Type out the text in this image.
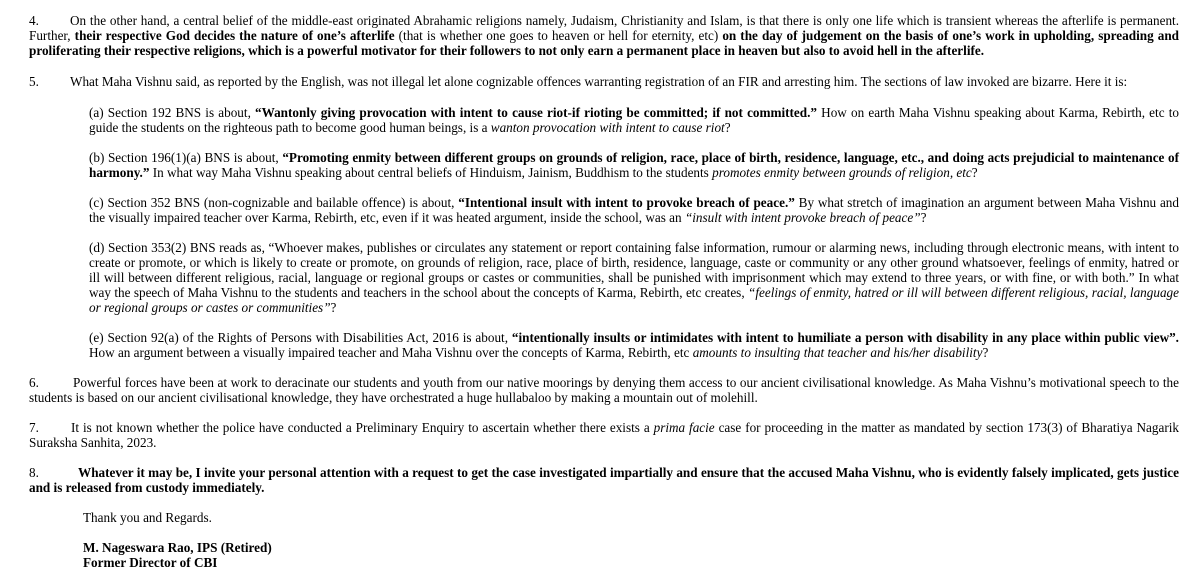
4. On the other hand, a central belief of the middle-east originated Abrahamic religions namely, Judaism, Christianity and Islam, is that there is only one life which is transient whereas the afterlife is permanent. Further, their respective God decides the nature of one’s afterlife (that is whether one goes to heaven or hell for eternity, etc) on the day of judgement on the basis of one’s work in upholding, spreading and proliferating their respective religions, which is a powerful motivator for their followers to not only earn a permanent place in heaven but also to avoid hell in the afterlife.

5. What Maha Vishnu said, as reported by the English, was not illegal let alone cognizable offences warranting registration of an FIR and arresting him. The sections of law invoked are bizarre. Here it is:

(a) Section 192 BNS is about, “Wantonly giving provocation with intent to cause riot-if rioting be committed; if not committed.” How on earth Maha Vishnu speaking about Karma, Rebirth, etc to guide the students on the righteous path to become good human beings, is a wanton provocation with intent to cause riot?

(b) Section 196(1)(a) BNS is about, “Promoting enmity between different groups on grounds of religion, race, place of birth, residence, language, etc., and doing acts prejudicial to maintenance of harmony.” In what way Maha Vishnu speaking about central beliefs of Hinduism, Jainism, Buddhism to the students promotes enmity between grounds of religion, etc?

(c) Section 352 BNS (non-cognizable and bailable offence) is about, “Intentional insult with intent to provoke breach of peace.” By what stretch of imagination an argument between Maha Vishnu and the visually impaired teacher over Karma, Rebirth, etc, even if it was heated argument, inside the school, was an “insult with intent provoke breach of peace”?

(d) Section 353(2) BNS reads as, “Whoever makes, publishes or circulates any statement or report containing false information, rumour or alarming news, including through electronic means, with intent to create or promote, or which is likely to create or promote, on grounds of religion, race, place of birth, residence, language, caste or community or any other ground whatsoever, feelings of enmity, hatred or ill will between different religious, racial, language or regional groups or castes or communities, shall be punished with imprisonment which may extend to three years, or with fine, or with both.” In what way the speech of Maha Vishnu to the students and teachers in the school about the concepts of Karma, Rebirth, etc creates, “feelings of enmity, hatred or ill will between different religious, racial, language or regional groups or castes or communities”?

(e) Section 92(a) of the Rights of Persons with Disabilities Act, 2016 is about, “intentionally insults or intimidates with intent to humiliate a person with disability in any place within public view”. How an argument between a visually impaired teacher and Maha Vishnu over the concepts of Karma, Rebirth, etc amounts to insulting that teacher and his/her disability?

6.	Powerful forces have been at work to deracinate our students and youth from our native moorings by denying them access to our ancient civilisational knowledge. As Maha Vishnu’s motivational speech to the students is based on our ancient civilisational knowledge, they have orchestrated a huge hullabaloo by making a mountain out of molehill.

7. It is not known whether the police have conducted a Preliminary Enquiry to ascertain whether there exists a prima facie case for proceeding in the matter as mandated by section 173(3) of Bharatiya Nagarik Suraksha Sanhita, 2023.

8.	Whatever it may be, I invite your personal attention with a request to get the case investigated impartially and ensure that the accused Maha Vishnu, who is evidently falsely implicated, gets justice and is released from custody immediately.

Thank you and Regards.

M. Nageswara Rao, IPS (Retired)
Former Director of CBI
